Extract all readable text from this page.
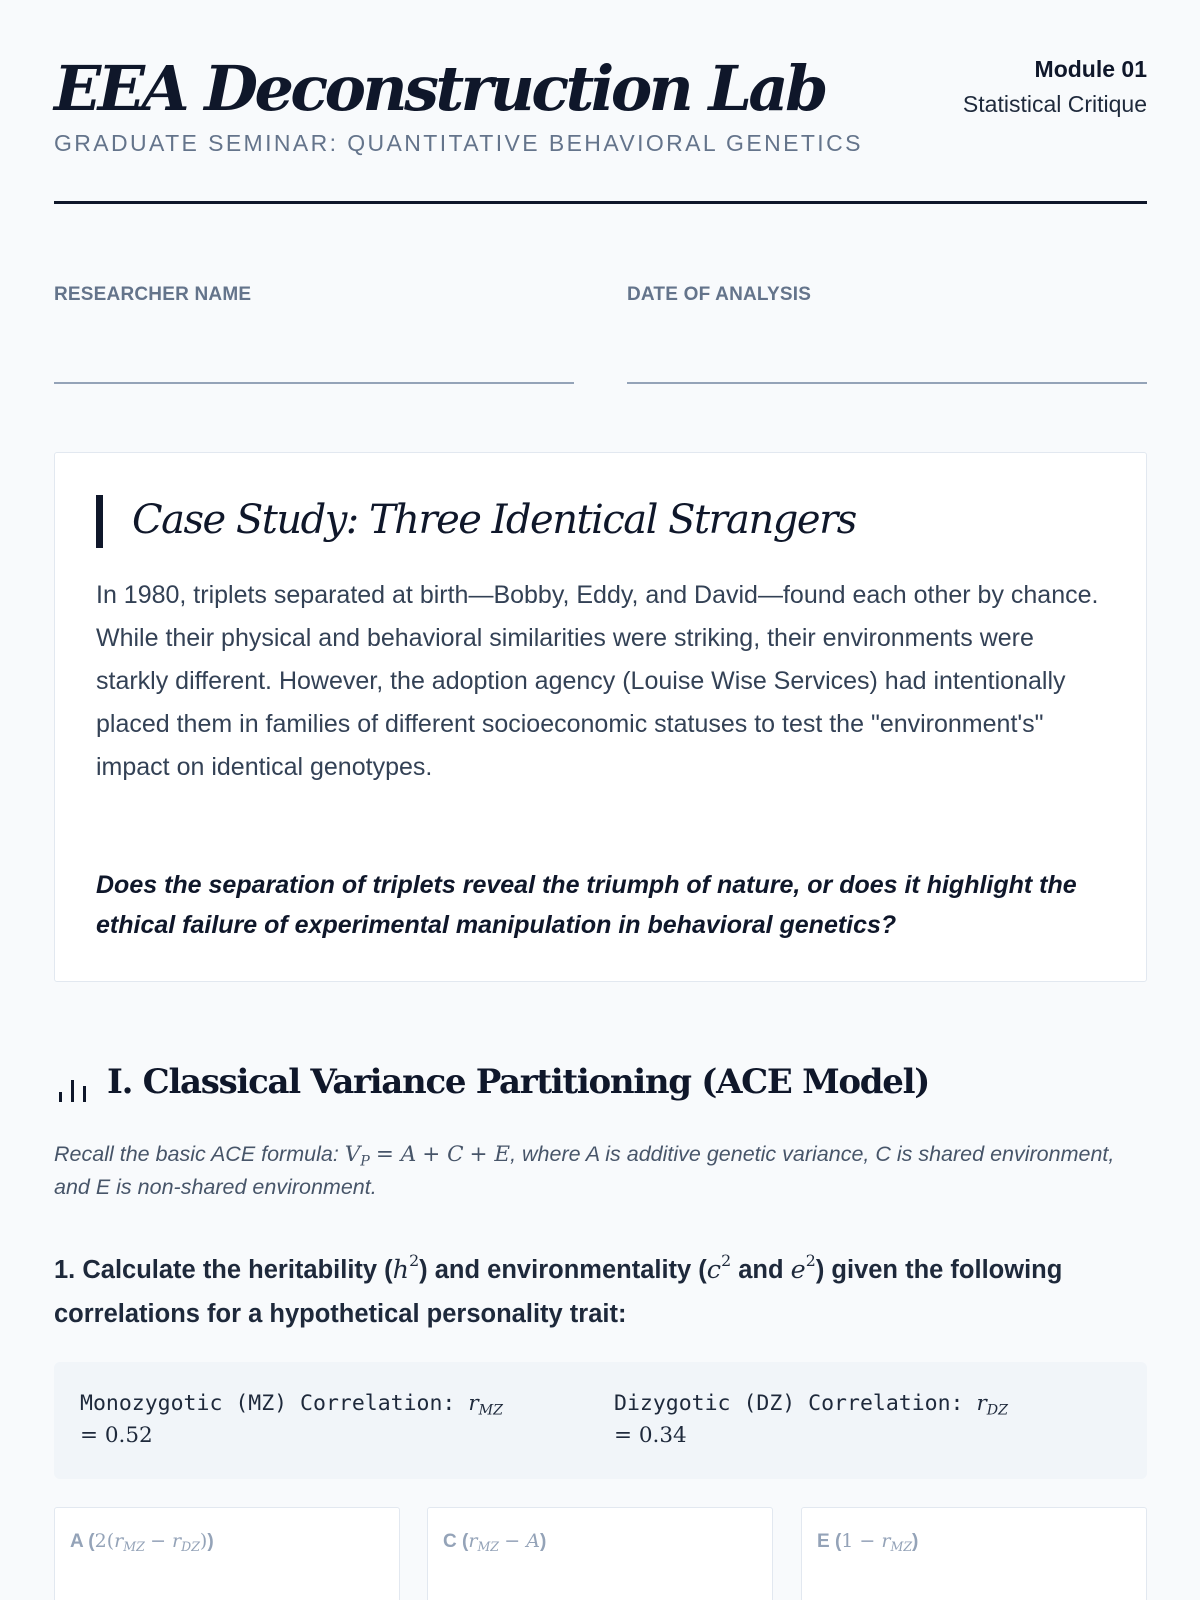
EEA Deconstruction Lab
GRADUATE SEMINAR: QUANTITATIVE BEHAVIORAL GENETICS
Module 01
Statistical Critique
RESEARCHER NAME	DATE OF ANALYSIS
Case Study: Three Identical Strangers
In 1980, triplets separated at birth—Bobby, Eddy, and David—found each other by chance. While their physical and behavioral similarities were striking, their environments were starkly different. However, the adoption agency (Louise Wise Services) had intentionally placed them in families of different socioeconomic statuses to test the "environment's" impact on identical genotypes.
Does the separation of triplets reveal the triumph of nature, or does it highlight the ethical failure of experimental manipulation in behavioral genetics?
I. Classical Variance Partitioning (ACE Model)
Recall the basic ACE formula: $V_P = A + C + E$, where A is additive genetic variance, C is shared environment, and E is non-shared environment.
1. Calculate the heritability $(h^2)$ and environmentality ($c^2$ and $e^2$) given the following correlations for a hypothetical personality trait:
Monozygotic (MZ) Correlation: $r_{MZ}$
= 0.52
Dizygotic (DZ) Correlation: $r_{DZ}$
= 0.34
A $(2(r_{MZ} - r_{DZ}))$	C $(r_{MZ} - A)$	E $(1 - r_{MZ})$
